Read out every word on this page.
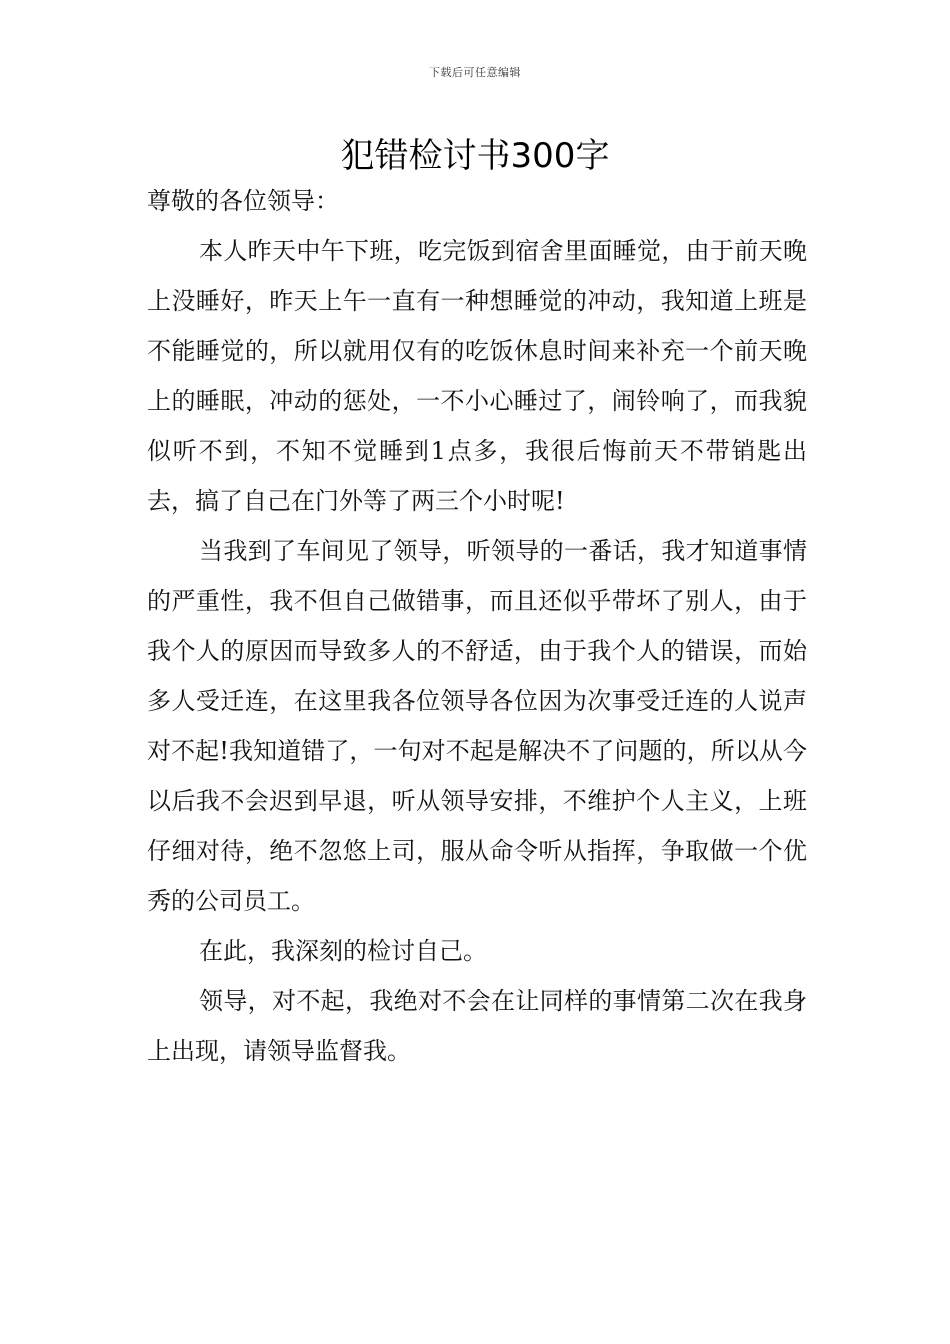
下载后可任意编辑
犯错检讨书300字

尊敬的各位领导：

本人昨天中午下班，吃完饭到宿舍里面睡觉，由于前天晚上没睡好，昨天上午一直有一种想睡觉的冲动，我知道上班是不能睡觉的，所以就用仅有的吃饭休息时间来补充一个前天晚上的睡眠，冲动的惩处，一不小心睡过了，闹铃响了，而我貌似听不到，不知不觉睡到1点多，我很后悔前天不带销匙出去，搞了自己在门外等了两三个小时呢!

当我到了车间见了领导，听领导的一番话，我才知道事情的严重性，我不但自己做错事，而且还似乎带坏了别人，由于我个人的原因而导致多人的不舒适，由于我个人的错误，而始多人受迁连，在这里我各位领导各位因为次事受迁连的人说声对不起!我知道错了，一句对不起是解决不了问题的，所以从今以后我不会迟到早退，听从领导安排，不维护个人主义，上班仔细对待，绝不忽悠上司，服从命令听从指挥，争取做一个优秀的公司员工。

在此，我深刻的检讨自己。

领导，对不起，我绝对不会在让同样的事情第二次在我身上出现，请领导监督我。
